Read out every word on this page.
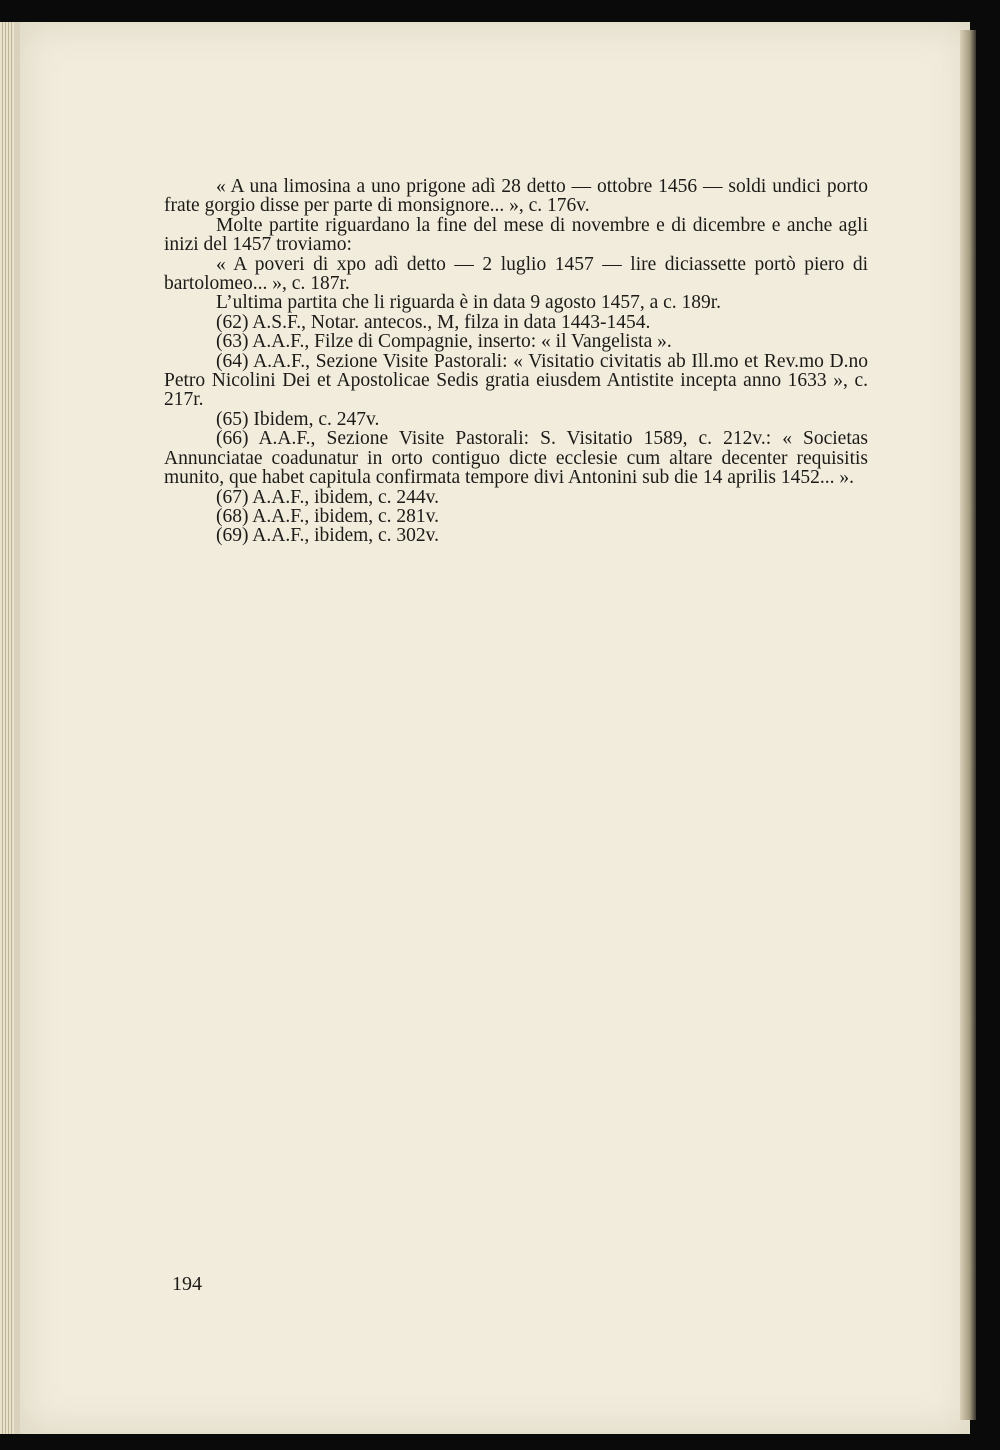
« A una limosina a uno prigone adì 28 detto — ottobre 1456 — soldi undici porto frate gorgio disse per parte di monsignore... », c. 176v.

Molte partite riguardano la fine del mese di novembre e di dicembre e anche agli inizi del 1457 troviamo:

« A poveri di xpo adì detto — 2 luglio 1457 — lire diciassette portò piero di bartolomeo... », c. 187r.

L’ultima partita che li riguarda è in data 9 agosto 1457, a c. 189r.

(62) A.S.F., Notar. antecos., M, filza in data 1443-1454.

(63) A.A.F., Filze di Compagnie, inserto: « il Vangelista ».

(64) A.A.F., Sezione Visite Pastorali: « Visitatio civitatis ab Ill.mo et Rev.mo D.no Petro Nicolini Dei et Apostolicae Sedis gratia eiusdem Antistite incepta anno 1633 », c. 217r.

(65) Ibidem, c. 247v.

(66) A.A.F., Sezione Visite Pastorali: S. Visitatio 1589, c. 212v.: « Societas Annunciatae coadunatur in orto contiguo dicte ecclesie cum altare decenter requisitis munito, que habet capitula confirmata tempore divi Antonini sub die 14 aprilis 1452... ».

(67) A.A.F., ibidem, c. 244v.

(68) A.A.F., ibidem, c. 281v.

(69) A.A.F., ibidem, c. 302v.

194
